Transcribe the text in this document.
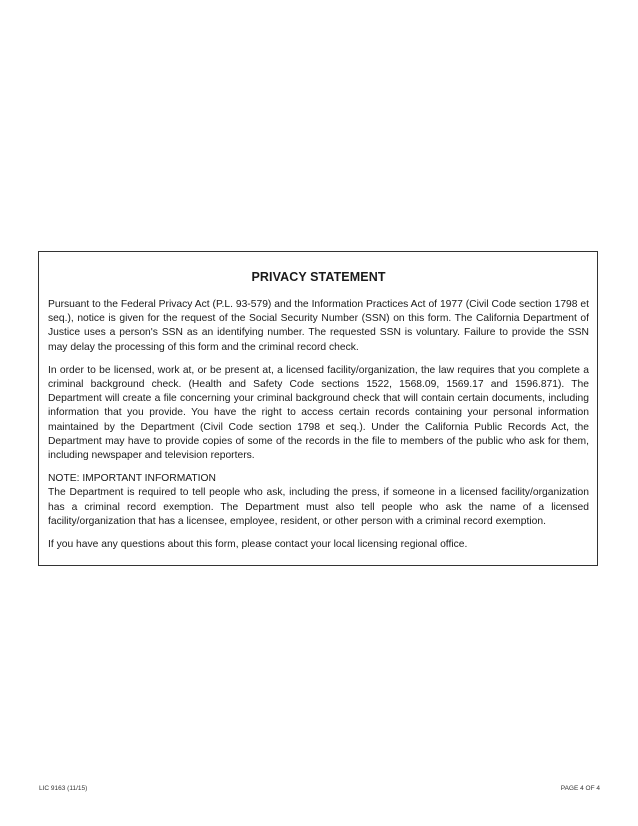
PRIVACY STATEMENT

Pursuant to the Federal Privacy Act (P.L. 93-579) and the Information Practices Act of 1977 (Civil Code section 1798 et seq.), notice is given for the request of the Social Security Number (SSN) on this form. The California Department of Justice uses a person's SSN as an identifying number. The requested SSN is voluntary. Failure to provide the SSN may delay the processing of this form and the criminal record check.

In order to be licensed, work at, or be present at, a licensed facility/organization, the law requires that you complete a criminal background check. (Health and Safety Code sections 1522, 1568.09, 1569.17 and 1596.871). The Department will create a file concerning your criminal background check that will contain certain documents, including information that you provide. You have the right to access certain records containing your personal information maintained by the Department (Civil Code section 1798 et seq.). Under the California Public Records Act, the Department may have to provide copies of some of the records in the file to members of the public who ask for them, including newspaper and television reporters.

NOTE: IMPORTANT INFORMATION

The Department is required to tell people who ask, including the press, if someone in a licensed facility/organization has a criminal record exemption. The Department must also tell people who ask the name of a licensed facility/organization that has a licensee, employee, resident, or other person with a criminal record exemption.

If you have any questions about this form, please contact your local licensing regional office.

LIC 9163 (11/15)	PAGE 4 OF 4
